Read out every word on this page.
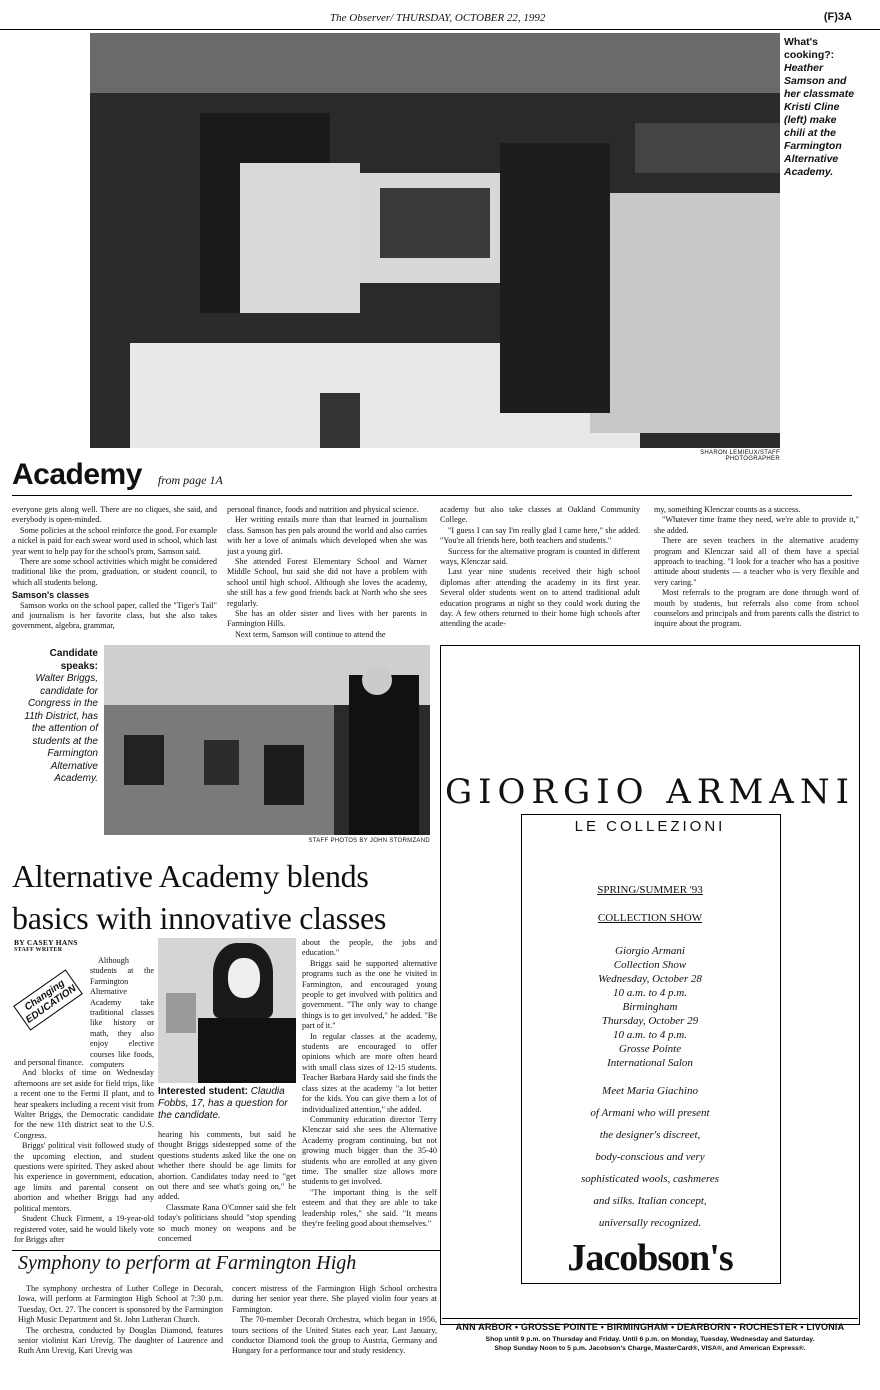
The Observer/ THURSDAY, OCTOBER 22, 1992	(F)3A
SHARON LEMIEUX/STAFF PHOTOGRAPHER
What's cooking?: Heather Samson and her classmate Kristi Cline (left) make chili at the Farmington Alternative Academy.
Academy from page 1A

everyone gets along well. There are no cliques, she said, and everybody is open-minded.

Some policies at the school reinforce the good. For example a nickel is paid for each swear word used in school, which last year went to help pay for the school's prom, Samson said.

There are some school activities which might be considered traditional like the prom, graduation, or student council, to which all students belong.

Samson's classes

Samson works on the school paper, called the "Tiger's Tail" and journalism is her favorite class, but she also takes government, algebra, grammar,

personal finance, foods and nutrition and physical science.

Her writing entails more than that learned in journalism class. Samson has pen pals around the world and also carries with her a love of animals which developed when she was just a young girl.

She attended Forest Elementary School and Warner Middle School, but said she did not have a problem with school until high school. Although she loves the academy, she still has a few good friends back at North who she sees regularly.

She has an older sister and lives with her parents in Farmington Hills.

Next term, Samson will continue to attend the

academy but also take classes at Oakland Community College.

"I guess I can say I'm really glad I came here," she added. "You're all friends here, both teachers and students."

Success for the alternative program is counted in different ways, Klenczar said.

Last year nine students received their high school diplomas after attending the academy in its first year. Several older students went on to attend traditional adult education programs at night so they could work during the day. A few others returned to their home high schools after attending the acade-

my, something Klenczar counts as a success.

"Whatever time frame they need, we're able to provide it," she added.

There are seven teachers in the alternative academy program and Klenczar said all of them have a special approach to teaching. "I look for a teacher who has a positive attitude about students — a teacher who is very flexible and very caring."

Most referrals to the program are done through word of mouth by students, but referrals also come from school counselors and principals and from parents calls the district to inquire about the program.

Candidate speaks:
Walter Briggs, candidate for Congress in the 11th District, has the attention of students at the Farmington Alternative Academy.
STAFF PHOTOS BY JOHN STORMZAND
Alternative Academy blends
basics with innovative classes
BY CASEY HANS
STAFF WRITER
Changing EDUCATION

Although students at the Farmington Alternative Academy take traditional classes like history or math, they also enjoy elective courses like foods, computers

and personal finance.

And blocks of time on Wednesday afternoons are set aside for field trips, like a recent one to the Fermi II plant, and to hear speakers including a recent visit from Walter Briggs, the Democratic candidate for the new 11th district seat to the U.S. Congress.

Briggs' political visit followed study of the upcoming election, and student questions were spirited. They asked about his experience in government, education, age limits and parental consent on abortion and whether Briggs had any political mentors.

Student Chuck Firment, a 19-year-old registered voter, said he would likely vote for Briggs after

Interested student: Claudia Fobbs, 17, has a question for the candidate.

hearing his comments, but said he thought Briggs sidestepped some of the questions students asked like the one on whether there should be age limits for abortion. Candidates today need to "get out there and see what's going on," he added.

Classmate Rana O'Conner said she felt today's politicians should "stop spending so much money on weapons and be concerned

about the people, the jobs and education."

Briggs said he supported alternative programs such as the one he visited in Farmington, and encouraged young people to get involved with politics and government. "The only way to change things is to get involved," he added. "Be part of it."

In regular classes at the academy, students are encouraged to offer opinions which are more often heard with small class sizes of 12-15 students. Teacher Barbara Hardy said she finds the class sizes at the academy "a lot better for the kids. You can give them a lot of individualized attention," she added.

Community education director Terry Klenczar said she sees the Alternative Academy program continuing, but not growing much bigger than the 35-40 students who are enrolled at any given time. The smaller size allows more students to get involved.

"The important thing is the self esteem and that they are able to take leadership roles," she said. "It means they're feeling good about themselves."

Symphony to perform at Farmington High

The symphony orchestra of Luther College in Decorah, Iowa, will perform at Farmington High School at 7:30 p.m. Tuesday, Oct. 27. The concert is sponsored by the Farmington High Music Department and St. John Lutheran Church.

The orchestra, conducted by Douglas Diamond, features senior violinist Kari Urevig. The daughter of Laurence and Ruth Ann Urevig, Kari Urevig was

concert mistress of the Farmington High School orchestra during her senior year there. She played violin four years at Farmington.

The 70-member Decorah Orchestra, which began in 1956, tours sections of the United States each year. Last January, conductor Diamond took the group to Austria, Germany and Hungary for a performance tour and study residency.

GIORGIO ARMANI
LE COLLEZIONI
SPRING/SUMMER '93
COLLECTION SHOW
Giorgio Armani
Collection Show
Wednesday, October 28
10 a.m. to 4 p.m.
Birmingham
Thursday, October 29
10 a.m. to 4 p.m.
Grosse Pointe
International Salon
Meet Maria Giachino
of Armani who will present
the designer's discreet,
body-conscious and very
sophisticated wools, cashmeres
and silks. Italian concept,
universally recognized.
Jacobson's
ANN ARBOR • GROSSE POINTE • BIRMINGHAM • DEARBORN • ROCHESTER • LIVONIA
Shop until 9 p.m. on Thursday and Friday. Until 6 p.m. on Monday, Tuesday, Wednesday and Saturday.
Shop Sunday Noon to 5 p.m. Jacobson's Charge, MasterCard®, VISA®, and American Express®.
